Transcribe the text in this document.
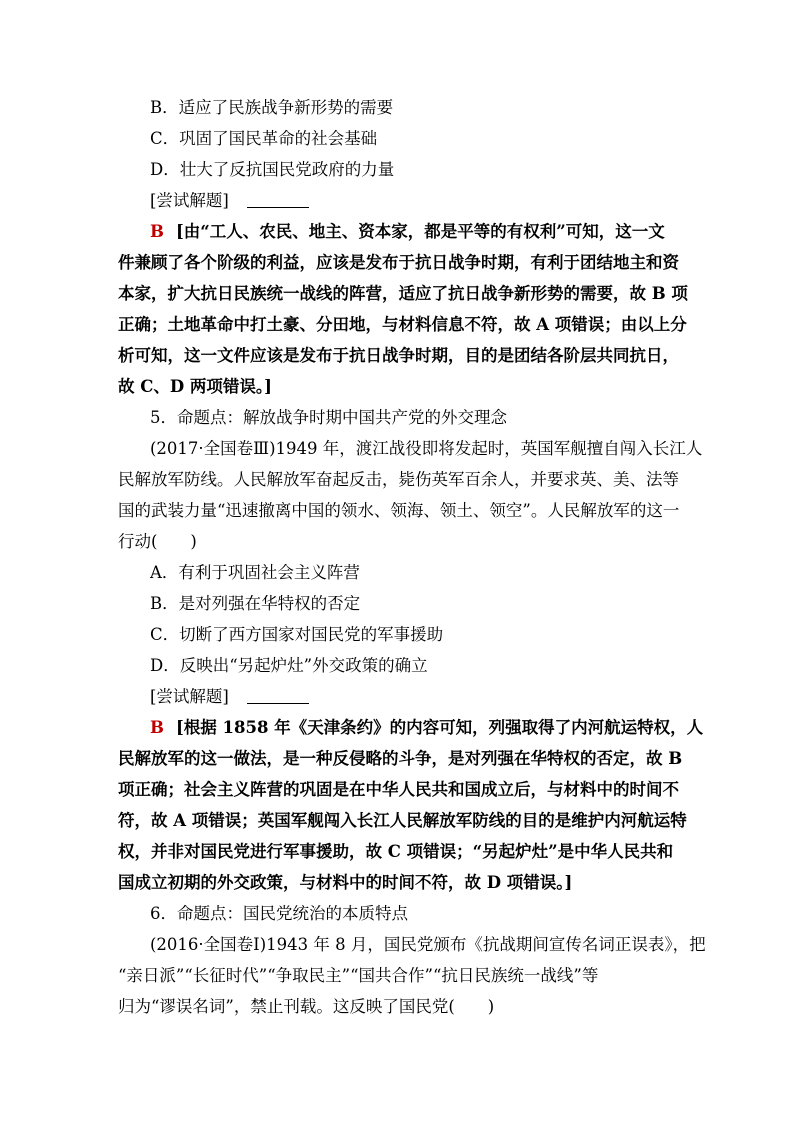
B．适应了民族战争新形势的需要
C．巩固了国民革命的社会基础
D．壮大了反抗国民党政府的力量
[尝试解题]
B [由“工人、农民、地主、资本家，都是平等的有权利”可知，这一文
件兼顾了各个阶级的利益，应该是发布于抗日战争时期，有利于团结地主和资
本家，扩大抗日民族统一战线的阵营，适应了抗日战争新形势的需要，故 B 项
正确；土地革命中打土豪、分田地，与材料信息不符，故 A 项错误；由以上分
析可知，这一文件应该是发布于抗日战争时期，目的是团结各阶层共同抗日，
故 C、D 两项错误。]
5．命题点：解放战争时期中国共产党的外交理念
(2017·全国卷Ⅲ)1949 年，渡江战役即将发起时，英国军舰擅自闯入长江人
民解放军防线。人民解放军奋起反击，毙伤英军百余人，并要求英、美、法等
国的武装力量“迅速撤离中国的领水、领海、领土、领空”。人民解放军的这一
行动(　　)
A．有利于巩固社会主义阵营
B．是对列强在华特权的否定
C．切断了西方国家对国民党的军事援助
D．反映出“另起炉灶”外交政策的确立
[尝试解题]
B [根据 1858 年《天津条约》的内容可知，列强取得了内河航运特权，人
民解放军的这一做法，是一种反侵略的斗争，是对列强在华特权的否定，故 B
项正确；社会主义阵营的巩固是在中华人民共和国成立后，与材料中的时间不
符，故 A 项错误；英国军舰闯入长江人民解放军防线的目的是维护内河航运特
权，并非对国民党进行军事援助，故 C 项错误；“另起炉灶”是中华人民共和
国成立初期的外交政策，与材料中的时间不符，故 D 项错误。]
6．命题点：国民党统治的本质特点
(2016·全国卷Ⅰ)1943 年 8 月，国民党颁布《抗战期间宣传名词正误表》，把
“亲日派”“长征时代”“争取民主”“国共合作”“抗日民族统一战线”等
归为“谬误名词”，禁止刊载。这反映了国民党(　　)
